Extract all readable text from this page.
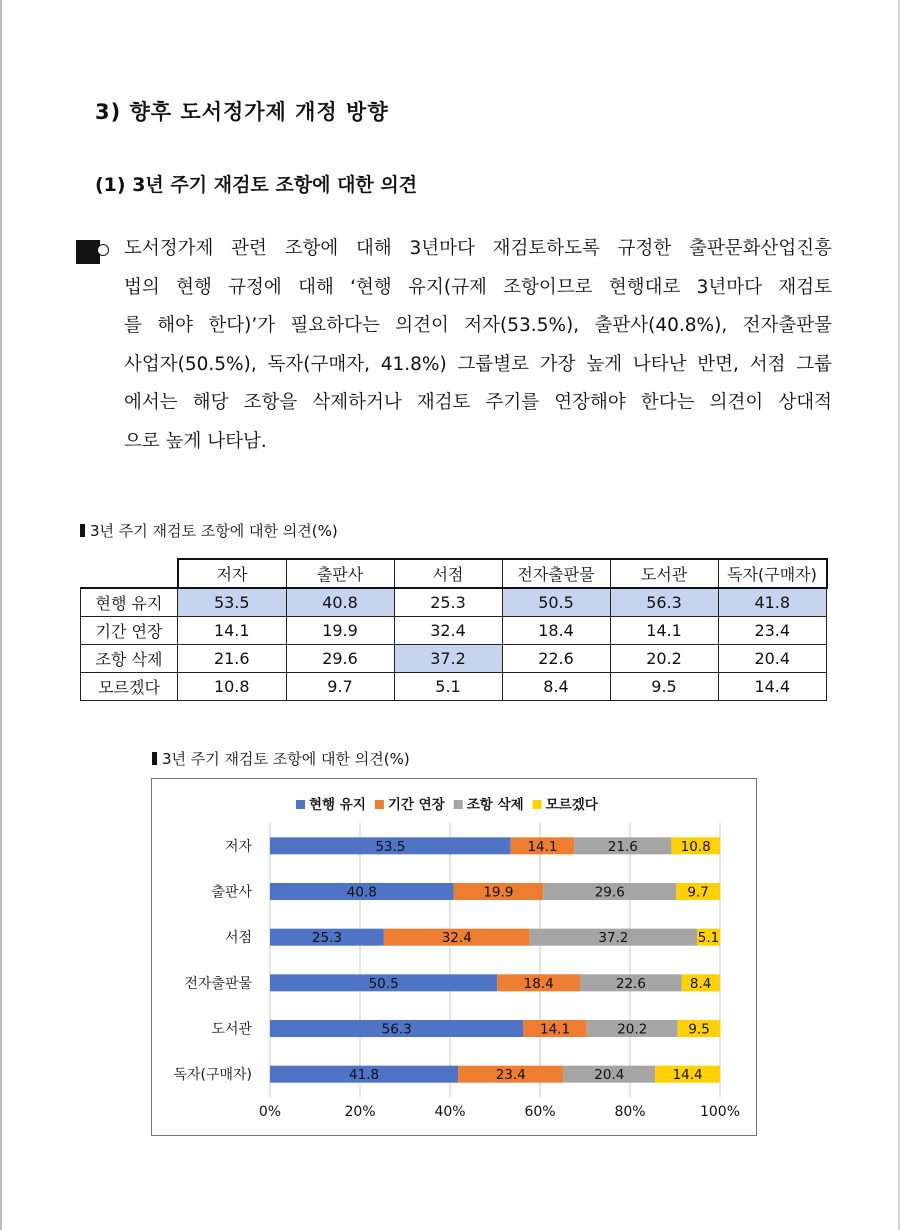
3) 향후 도서정가제 개정 방향
(1) 3년 주기 재검토 조항에 대한 의견
도서정가제 관련 조항에 대해 3년마다 재검토하도록 규정한 출판문화산업진흥
법의 현행 규정에 대해 ‘현행 유지(규제 조항이므로 현행대로 3년마다 재검토
를 해야 한다)’가 필요하다는 의견이 저자(53.5%), 출판사(40.8%), 전자출판물
사업자(50.5%), 독자(구매자, 41.8%) 그룹별로 가장 높게 나타난 반면, 서점 그룹
에서는 해당 조항을 삭제하거나 재검토 주기를 연장해야 한다는 의견이 상대적
으로 높게 나타남.
3년 주기 재검토 조항에 대한 의견(%)
	저자	출판사	서점	전자출판물	도서관	독자(구매자)
현행 유지	53.5	40.8	25.3	50.5	56.3	41.8
기간 연장	14.1	19.9	32.4	18.4	14.1	23.4
조항 삭제	21.6	29.6	37.2	22.6	20.2	20.4
모르겠다	10.8	9.7	5.1	8.4	9.5	14.4
3년 주기 재검토 조항에 대한 의견(%)
0%	20%	40%	60%	80%	100%
현행 유지 기간 연장 조항 삭제 모르겠다
저자	53.5	14.1	21.6	10.8
출판사	40.8	19.9	29.6	9.7
서점	25.3	32.4	37.2	5.1
전자출판물	50.5	18.4	22.6	8.4
도서관	56.3	14.1	20.2	9.5
독자(구매자)	41.8	23.4	20.4	14.4
